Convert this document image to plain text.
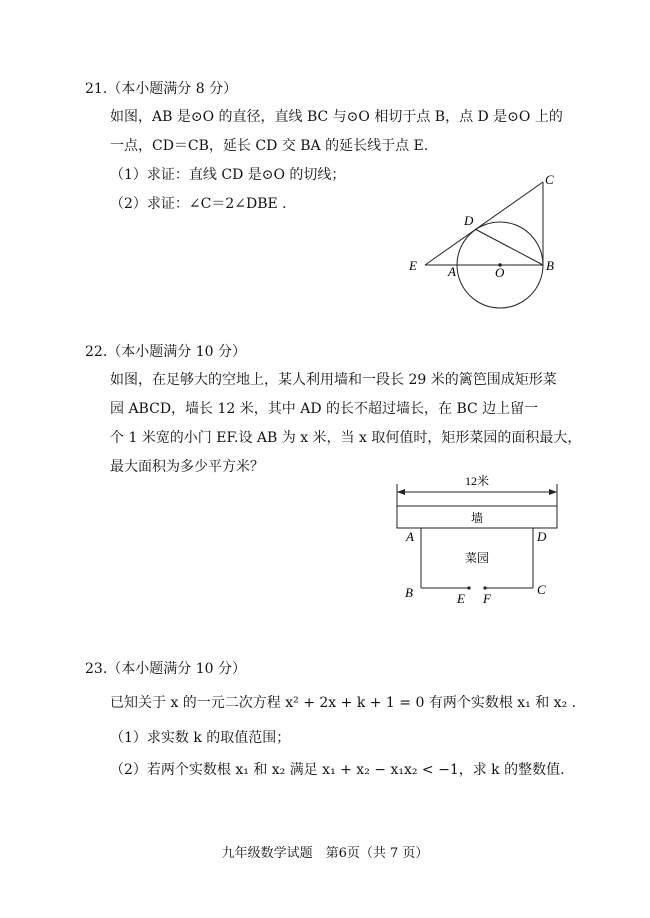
21.（本小题满分 8 分）
如图，AB 是⊙O 的直径，直线 BC 与⊙O 相切于点 B，点 D 是⊙O 上的
一点，CD＝CB，延长 CD 交 BA 的延长线于点 E.
（1）求证：直线 CD 是⊙O 的切线；
（2）求证：∠C＝2∠DBE .
C
D
E A	O	B
22.（本小题满分 10 分）
如图，在足够大的空地上，某人利用墙和一段长 29 米的篱笆围成矩形菜
园 ABCD，墙长 12 米，其中 AD 的长不超过墙长，在 BC 边上留一
个 1 米宽的小门 EF.设 AB 为 x 米，当 x 取何值时，矩形菜园的面积最大，
最大面积为多少平方米？
12米
墙
菜园
A	D
B	C
E F
23.（本小题满分 10 分）
已知关于 x 的一元二次方程 x² + 2x + k + 1 = 0 有两个实数根 x₁ 和 x₂ .
（1）求实数 k 的取值范围；
（2）若两个实数根 x₁ 和 x₂ 满足 x₁ + x₂ − x₁x₂ < −1，求 k 的整数值.
九年级数学试题　第6页（共 7 页）
